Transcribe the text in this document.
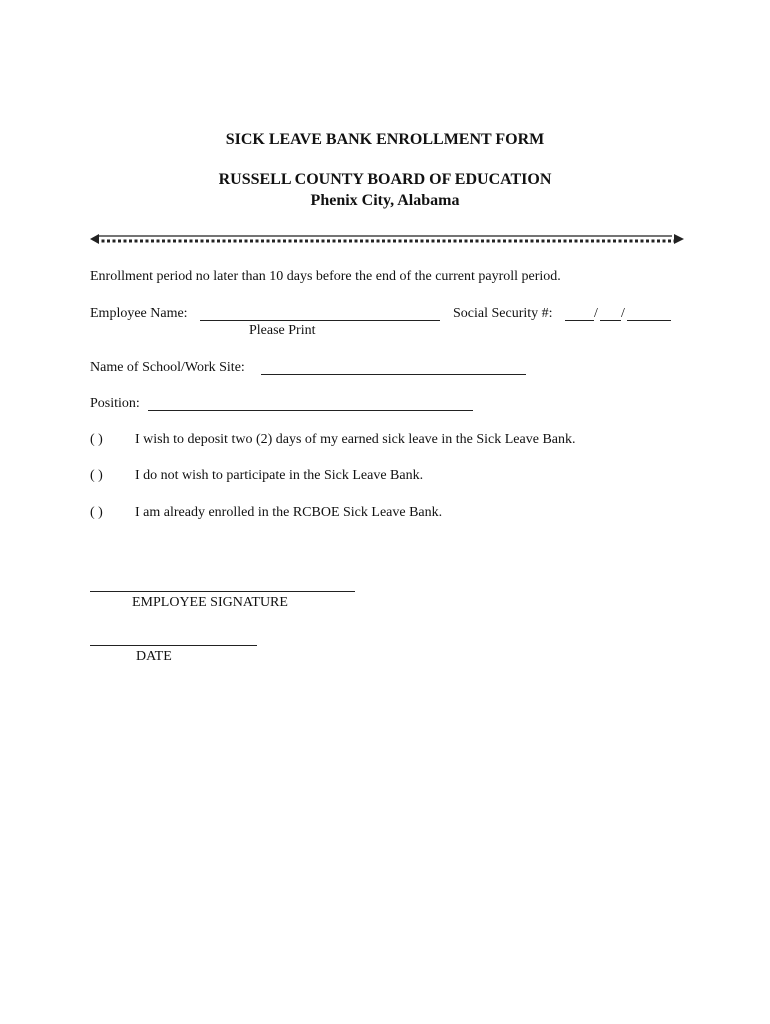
SICK LEAVE BANK ENROLLMENT FORM
RUSSELL COUNTY BOARD OF EDUCATION
Phenix City, Alabama
Enrollment period no later than 10 days before the end of the current payroll period.
Employee Name:
Please Print
Social Security #:	/ /
Name of School/Work Site:
Position:
( ) I wish to deposit two (2) days of my earned sick leave in the Sick Leave Bank.
( ) I do not wish to participate in the Sick Leave Bank.
( ) I am already enrolled in the RCBOE Sick Leave Bank.
EMPLOYEE SIGNATURE
DATE
